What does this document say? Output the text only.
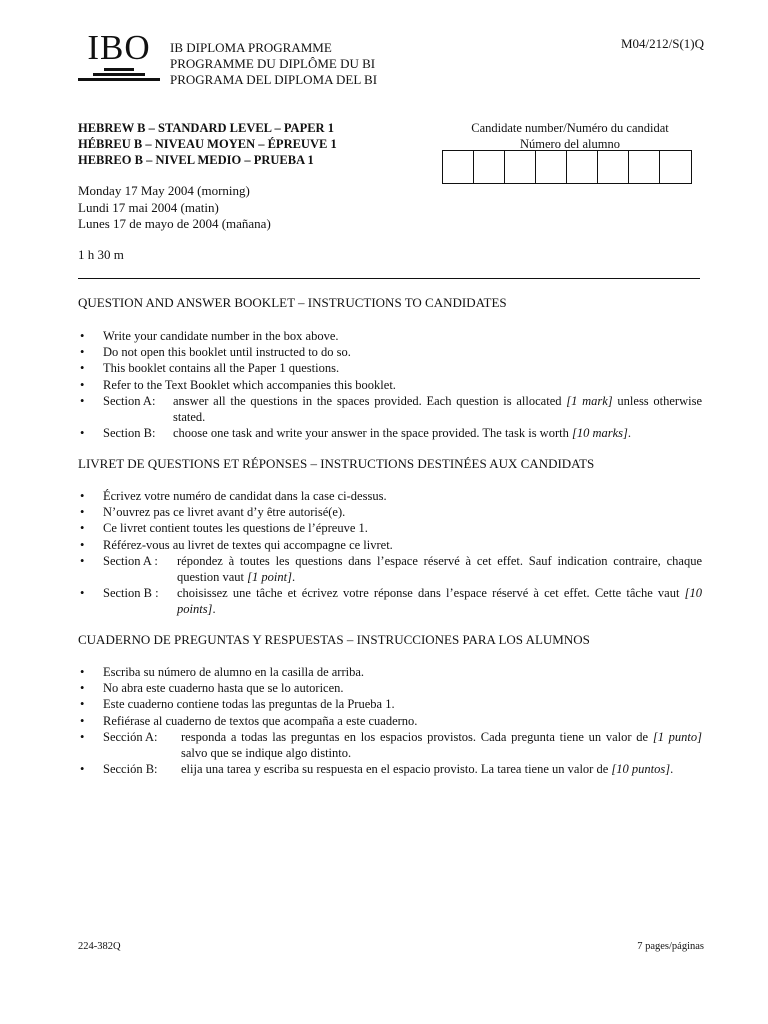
IBO	IB DIPLOMA PROGRAMME
PROGRAMME DU DIPLÔME DU BI
PROGRAMA DEL DIPLOMA DEL BI
M04/212/S(1)Q
HEBREW B – STANDARD LEVEL – PAPER 1
HÉBREU B – NIVEAU MOYEN – ÉPREUVE 1
HEBREO B – NIVEL MEDIO – PRUEBA 1
Candidate number/Numéro du candidat
Número del alumno
Monday 17 May 2004 (morning)
Lundi 17 mai 2004 (matin)
Lunes 17 de mayo de 2004 (mañana)
1 h 30 m
QUESTION AND ANSWER BOOKLET – INSTRUCTIONS TO CANDIDATES
• Write your candidate number in the box above.
• Do not open this booklet until instructed to do so.
• This booklet contains all the Paper 1 questions.
• Refer to the Text Booklet which accompanies this booklet.
• Section A:	answer all the questions in the spaces provided. Each question is allocated [1 mark] unless otherwise stated.
• Section B:	choose one task and write your answer in the space provided. The task is worth [10 marks].
LIVRET DE QUESTIONS ET RÉPONSES – INSTRUCTIONS DESTINÉES AUX CANDIDATS
• Écrivez votre numéro de candidat dans la case ci-dessus.
• N’ouvrez pas ce livret avant d’y être autorisé(e).
• Ce livret contient toutes les questions de l’épreuve 1.
• Référez-vous au livret de textes qui accompagne ce livret.
• Section A :	répondez à toutes les questions dans l’espace réservé à cet effet. Sauf indication contraire, chaque question vaut [1 point].
• Section B :	choisissez une tâche et écrivez votre réponse dans l’espace réservé à cet effet. Cette tâche vaut [10 points].
CUADERNO DE PREGUNTAS Y RESPUESTAS – INSTRUCCIONES PARA LOS ALUMNOS
• Escriba su número de alumno en la casilla de arriba.
• No abra este cuaderno hasta que se lo autoricen.
• Este cuaderno contiene todas las preguntas de la Prueba 1.
• Refiérase al cuaderno de textos que acompaña a este cuaderno.
• Sección A:	responda a todas las preguntas en los espacios provistos. Cada pregunta tiene un valor de [1 punto] salvo que se indique algo distinto.
• Sección B:	elija una tarea y escriba su respuesta en el espacio provisto. La tarea tiene un valor de [10 puntos].
224-382Q	7 pages/páginas
